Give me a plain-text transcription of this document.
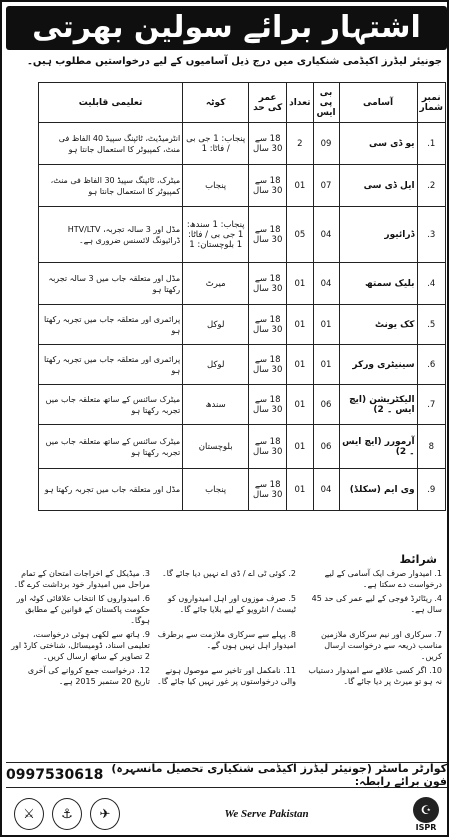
اشتہار برائے سولین بھرتی
جونیئر لیڈرز اکیڈمی شنکیاری میں درج ذیل آسامیوں کے لیے درخواستیں مطلوب ہیں۔
نمبر شمار	آسامی	بی پی ایس	تعداد	عمر کی حد	کوٹہ	تعلیمی قابلیت
1.	یو ڈی سی	09	2	18 سے 30 سال	پنجاب: 1 جی بی / فاٹا: 1	انٹرمیڈیٹ، ٹائپنگ سپیڈ 40 الفاظ فی منٹ، کمپیوٹر کا استعمال جانتا ہو
2.	ایل ڈی سی	07	01	18 سے 30 سال	پنجاب	میٹرک، ٹائپنگ سپیڈ 30 الفاظ فی منٹ، کمپیوٹر کا استعمال جانتا ہو
3.	ڈرائیور	04	05	18 سے 30 سال	پنجاب: 1 سندھ: 1 جی بی / فاٹا: 1 بلوچستان: 1	مڈل اور 3 سالہ تجربہ، HTV/LTV ڈرائیونگ لائسنس ضروری ہے۔
4.	بلیک سمتھ	04	01	18 سے 30 سال	میرٹ	مڈل اور متعلقہ جاب میں 3 سالہ تجربہ رکھتا ہو
5.	کک یونٹ	01	01	18 سے 30 سال	لوکل	پرائمری اور متعلقہ جاب میں تجربہ رکھتا ہو
6.	سینیٹری ورکر	01	01	18 سے 30 سال	لوکل	پرائمری اور متعلقہ جاب میں تجربہ رکھتا ہو
7.	الیکٹریشن (ایچ ایس ۔ 2)	06	01	18 سے 30 سال	سندھ	میٹرک سائنس کے ساتھ متعلقہ جاب میں تجربہ رکھتا ہو
8	آرمورر (ایچ ایس ۔ 2)	06	01	18 سے 30 سال	بلوچستان	میٹرک سائنس کے ساتھ متعلقہ جاب میں تجربہ رکھتا ہو
9.	وی ایم (سکلڈ)	04	01	18 سے 30 سال	پنجاب	مڈل اور متعلقہ جاب میں تجربہ رکھتا ہو
شرائط
1. امیدوار صرف ایک آسامی کے لیے درخواست دے سکتا ہے۔
2. کوئی ٹی اے / ڈی اے نہیں دیا جائے گا۔
3. میڈیکل کے اخراجات امتحان کے تمام مراحل میں امیدوار خود برداشت کرے گا۔
4. ریٹائرڈ فوجی کے لیے عمر کی حد 45 سال ہے۔
5. صرف موزوں اور اہل امیدواروں کو ٹیسٹ / انٹرویو کے لیے بلایا جائے گا۔
6. امیدواروں کا انتخاب علاقائی کوٹہ اور حکومت پاکستان کے قوانین کے مطابق ہوگا۔
7. سرکاری اور نیم سرکاری ملازمین مناسب ذریعہ سے درخواست ارسال کریں۔
8. پہلے سے سرکاری ملازمت سے برطرف امیدوار اہل نہیں ہوں گے۔
9. ہاتھ سے لکھی ہوئی درخواست، تعلیمی اسناد، ڈومیسائل، شناختی کارڈ اور 2 تصاویر کے ساتھ ارسال کریں۔
10. اگر کسی علاقے سے امیدوار دستیاب نہ ہو تو میرٹ پر دیا جائے گا۔
11. نامکمل اور تاخیر سے موصول ہونے والی درخواستوں پر غور نہیں کیا جائے گا۔
12. درخواست جمع کروانے کی آخری تاریخ 20 ستمبر 2015 ہے۔
کوارٹر ماسٹر (جونیئر لیڈرز اکیڈمی شنکیاری تحصیل مانسہرہ) فون برائے رابطہ:
0997530618
⚔	⚓	✈	We Serve Pakistan	☪
ISPR
